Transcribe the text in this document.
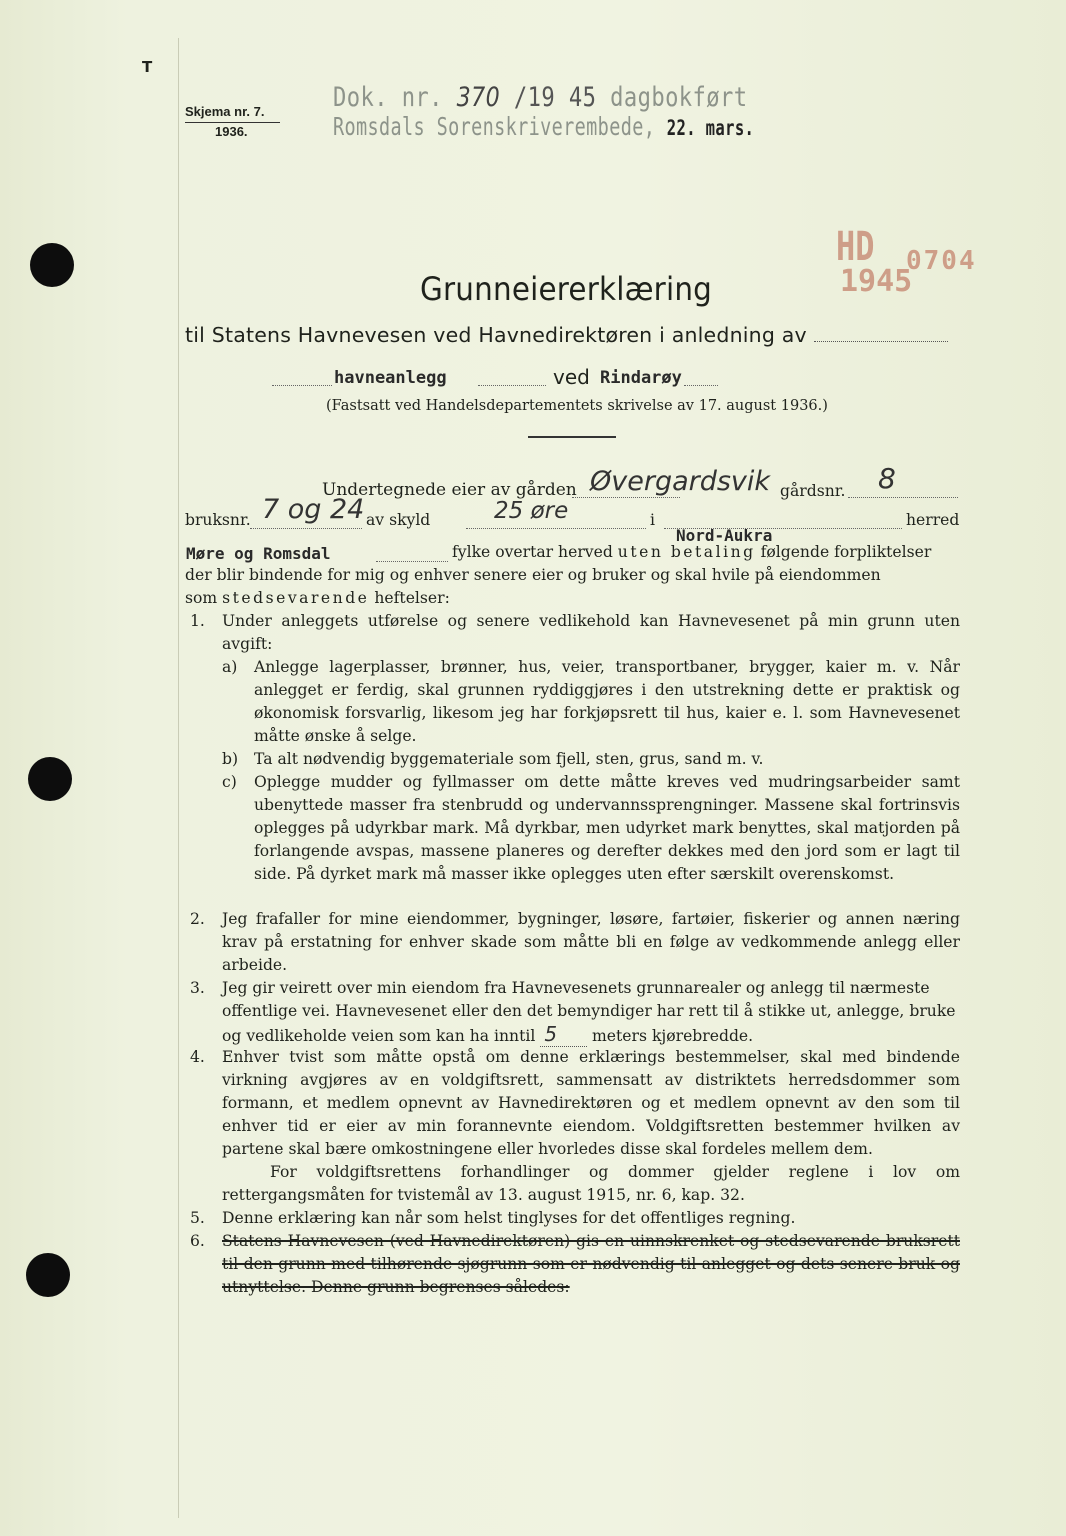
T
Skjema nr. 7.
1936.
Dok. nr. 370 /19 45 dagbokført
Romsdals Sorenskriverembede, 22. mars.
HD 0704
1945
Grunneiererklæring
til Statens Havnevesen ved Havnedirektøren i anledning av
havneanlegg	ved Rindarøy
(Fastsatt ved Handelsdepartementets skrivelse av 17. august 1936.)
Undertegnede eier av gården Øvergardsvik gårdsnr. 8
bruksnr. 7 og 24 av skyld	25 øre	i
Nord-Aukra
herred
Møre og Romsdal	fylke overtar herved uten betaling følgende forpliktelser
der blir bindende for mig og enhver senere eier og bruker og skal hvile på eiendommen
som stedsevarende heftelser:
1. Under anleggets utførelse og senere vedlikehold kan Havnevesenet på min grunn uten avgift:
a) Anlegge lagerplasser, brønner, hus, veier, transportbaner, brygger, kaier m. v. Når anlegget er ferdig, skal grunnen ryddiggjøres i den utstrekning dette er praktisk og økonomisk forsvarlig, likesom jeg har forkjøpsrett til hus, kaier e. l. som Havnevesenet måtte ønske å selge.
b) Ta alt nødvendig byggemateriale som fjell, sten, grus, sand m. v.
c) Oplegge mudder og fyllmasser om dette måtte kreves ved mudringsarbeider samt ubenyttede masser fra stenbrudd og undervannssprengninger. Massene skal fortrinsvis oplegges på udyrkbar mark. Må dyrkbar, men udyrket mark benyttes, skal matjorden på forlangende avspas, massene planeres og derefter dekkes med den jord som er lagt til side. På dyrket mark må masser ikke oplegges uten efter særskilt overenskomst.
2. Jeg frafaller for mine eiendommer, bygninger, løsøre, fartøier, fiskerier og annen næring krav på erstatning for enhver skade som måtte bli en følge av vedkommende anlegg eller arbeide.
3. Jeg gir veirett over min eiendom fra Havnevesenets grunnarealer og anlegg til nærmeste offentlige vei. Havnevesenet eller den det bemyndiger har rett til å stikke ut, anlegge, bruke og vedlikeholde veien som kan ha inntil 5 meters kjørebredde.
4. Enhver tvist som måtte opstå om denne erklærings bestemmelser, skal med bindende virkning avgjøres av en voldgiftsrett, sammensatt av distriktets herredsdommer som formann, et medlem opnevnt av Havnedirektøren og et medlem opnevnt av den som til enhver tid er eier av min forannevnte eiendom. Voldgiftsretten bestemmer hvilken av partene skal bære omkostningene eller hvorledes disse skal fordeles mellem dem.
For voldgiftsrettens forhandlinger og dommer gjelder reglene i lov om rettergangsmåten for tvistemål av 13. august 1915, nr. 6, kap. 32.
5. Denne erklæring kan når som helst tinglyses for det offentliges regning.
6. Statens Havnevesen (ved Havnedirektøren) gis en uinnskrenket og stedsevarende bruksrett til den grunn med tilhørende sjøgrunn som er nødvendig til anlegget og dets senere bruk og utnyttelse. Denne grunn begrenses således:
